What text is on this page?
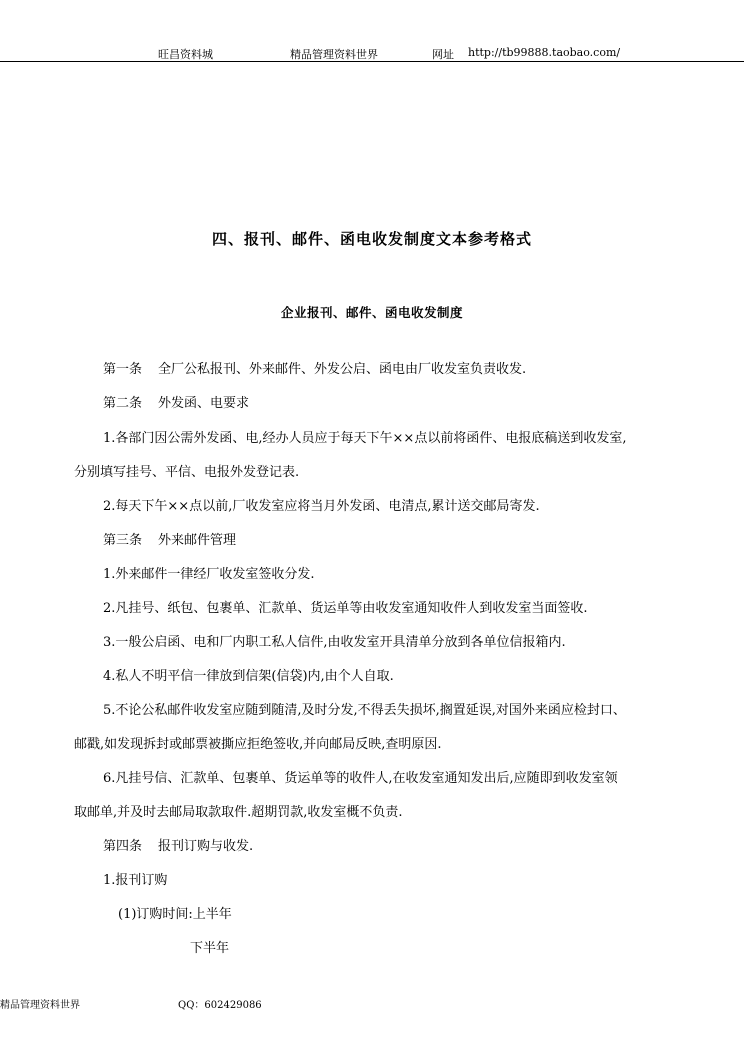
旺昌资料城	精品管理资料世界	网址 http://tb99888.taobao.com/
四、报刊、邮件、函电收发制度文本参考格式
企业报刊、邮件、函电收发制度
第一条 全厂公私报刊、外来邮件、外发公启、函电由厂收发室负责收发.
第二条 外发函、电要求
1.各部门因公需外发函、电,经办人员应于每天下午××点以前将函件、电报底稿送到收发室,
分别填写挂号、平信、电报外发登记表.
2.每天下午××点以前,厂收发室应将当月外发函、电清点,累计送交邮局寄发.
第三条 外来邮件管理
1.外来邮件一律经厂收发室签收分发.
2.凡挂号、纸包、包裹单、汇款单、货运单等由收发室通知收件人到收发室当面签收.
3.一般公启函、电和厂内职工私人信件,由收发室开具清单分放到各单位信报箱内.
4.私人不明平信一律放到信架(信袋)内,由个人自取.
5.不论公私邮件收发室应随到随清,及时分发,不得丢失损坏,搁置延误,对国外来函应检封口、
邮戳,如发现拆封或邮票被撕应拒绝签收,并向邮局反映,查明原因.
6.凡挂号信、汇款单、包裹单、货运单等的收件人,在收发室通知发出后,应随即到收发室领
取邮单,并及时去邮局取款取件.超期罚款,收发室概不负责.
第四条 报刊订购与收发.
1.报刊订购
(1)订购时间:上半年
下半年
精品管理资料世界	QQ：602429086
